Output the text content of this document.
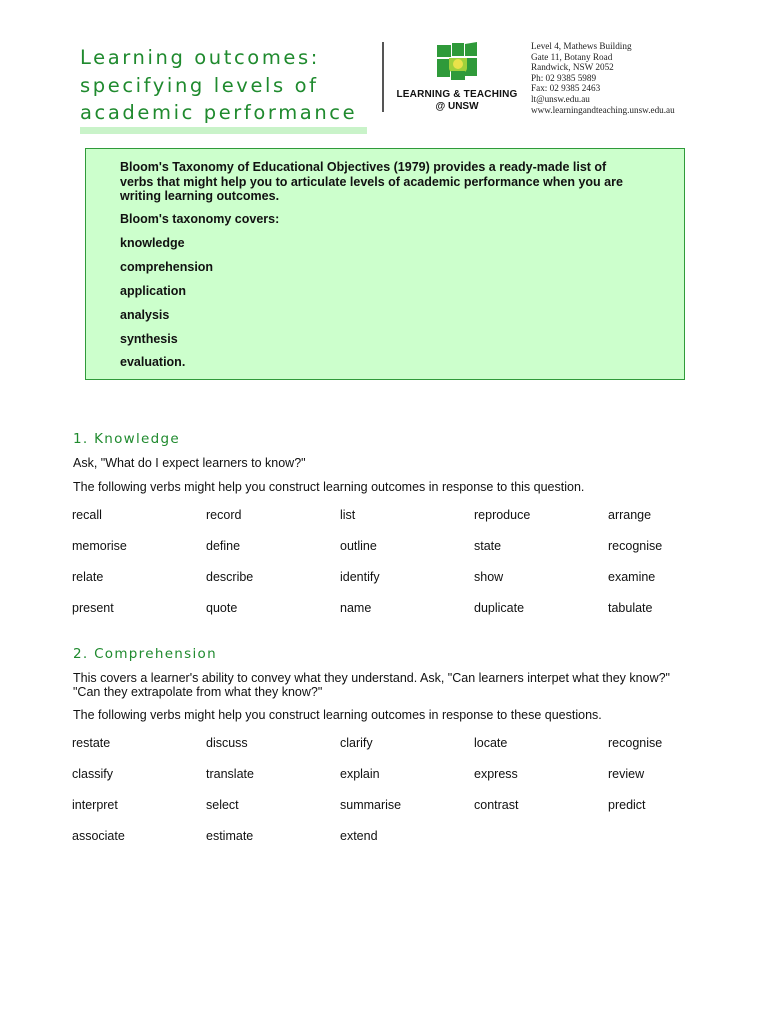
Learning outcomes:
specifying levels of
academic performance
LEARNING & TEACHING
@ UNSW
Level 4, Mathews Building
Gate 11, Botany Road
Randwick, NSW 2052
Ph: 02 9385 5989
Fax: 02 9385 2463
lt@unsw.edu.au
www.learningandteaching.unsw.edu.au
Bloom's Taxonomy of Educational Objectives (1979) provides a ready-made list of
verbs that might help you to articulate levels of academic performance when you are
writing learning outcomes.
Bloom's taxonomy covers:
knowledge
comprehension
application
analysis
synthesis
evaluation.
1. Knowledge
Ask, "What do I expect learners to know?"
The following verbs might help you construct learning outcomes in response to this question.
recall	record	list	reproduce	arrange
memorise	define	outline	state	recognise
relate	describe	identify	show	examine
present	quote	name	duplicate	tabulate
2. Comprehension
This covers a learner's ability to convey what they understand. Ask, "Can learners interpet what they know?"
"Can they extrapolate from what they know?"
The following verbs might help you construct learning outcomes in response to these questions.
restate	discuss	clarify	locate	recognise
classify	translate	explain	express	review
interpret	select	summarise	contrast	predict
associate	estimate	extend
